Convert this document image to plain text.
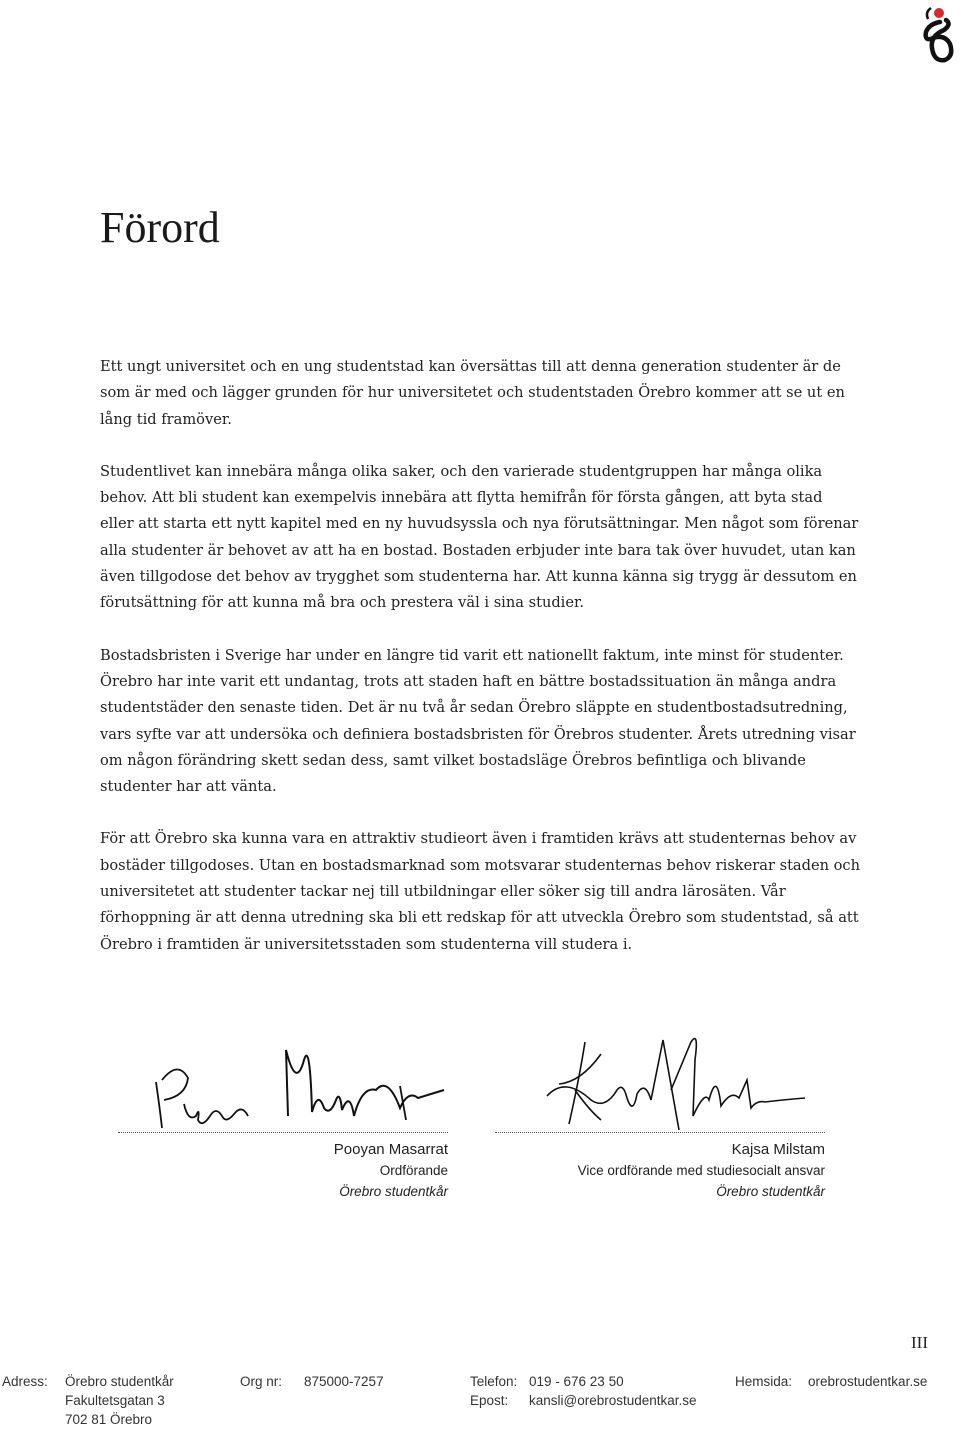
Förord

Ett ungt universitet och en ung studentstad kan översättas till att denna generation studenter är de som är med och lägger grunden för hur universitetet och studentstaden Örebro kommer att se ut en lång tid framöver.

Studentlivet kan innebära många olika saker, och den varierade studentgruppen har många olika behov. Att bli student kan exempelvis innebära att flytta hemifrån för första gången, att byta stad eller att starta ett nytt kapitel med en ny huvudsyssla och nya förutsättningar. Men något som förenar alla studenter är behovet av att ha en bostad. Bostaden erbjuder inte bara tak över huvudet, utan kan även tillgodose det behov av trygghet som studenterna har. Att kunna känna sig trygg är dessutom en förutsättning för att kunna må bra och prestera väl i sina studier.

Bostadsbristen i Sverige har under en längre tid varit ett nationellt faktum, inte minst för studenter. Örebro har inte varit ett undantag, trots att staden haft en bättre bostadssituation än många andra studentstäder den senaste tiden. Det är nu två år sedan Örebro släppte en studentbostadsutredning, vars syfte var att undersöka och definiera bostadsbristen för Örebros studenter. Årets utredning visar om någon förändring skett sedan dess, samt vilket bostadsläge Örebros befintliga och blivande studenter har att vänta.

För att Örebro ska kunna vara en attraktiv studieort även i framtiden krävs att studenternas behov av bostäder tillgodoses. Utan en bostadsmarknad som motsvarar studenternas behov riskerar staden och universitetet att studenter tackar nej till utbildningar eller söker sig till andra lärosäten. Vår förhoppning är att denna utredning ska bli ett redskap för att utveckla Örebro som studentstad, så att Örebro i framtiden är universitetsstaden som studenterna vill studera i.

Pooyan Masarrat
Ordförande
Örebro studentkår
Kajsa Milstam
Vice ordförande med studiesocialt ansvar
Örebro studentkår
III
Adress: Örebro studentkår
Fakultetsgatan 3
702 81 Örebro
Org nr: 875000-7257	Telefon:
Epost:
019 - 676 23 50
kansli@orebrostudentkar.se
Hemsida: orebrostudentkar.se
